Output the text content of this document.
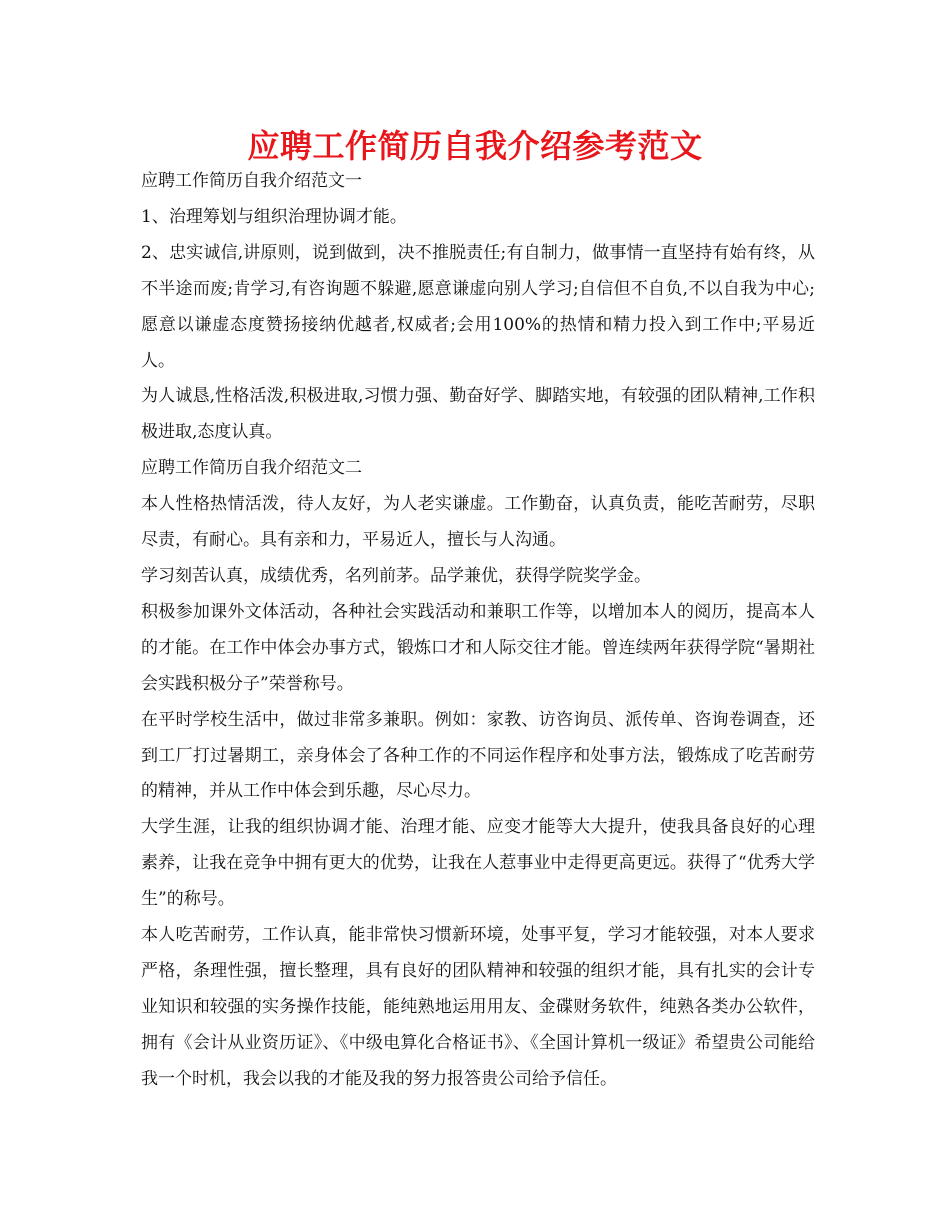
应聘工作简历自我介绍参考范文

应聘工作简历自我介绍范文一

1、治理筹划与组织治理协调才能。

2、忠实诚信,讲原则，说到做到，决不推脱责任;有自制力，做事情一直坚持有始有终，从不半途而废;肯学习,有咨询题不躲避,愿意谦虚向别人学习;自信但不自负,不以自我为中心;愿意以谦虚态度赞扬接纳优越者,权威者;会用100%的热情和精力投入到工作中;平易近人。

为人诚恳,性格活泼,积极进取,习惯力强、勤奋好学、脚踏实地，有较强的团队精神,工作积极进取,态度认真。

应聘工作简历自我介绍范文二

本人性格热情活泼，待人友好，为人老实谦虚。工作勤奋，认真负责，能吃苦耐劳，尽职尽责，有耐心。具有亲和力，平易近人，擅长与人沟通。

学习刻苦认真，成绩优秀，名列前茅。品学兼优，获得学院奖学金。

积极参加课外文体活动，各种社会实践活动和兼职工作等，以增加本人的阅历，提高本人的才能。在工作中体会办事方式，锻炼口才和人际交往才能。曾连续两年获得学院“暑期社会实践积极分子”荣誉称号。

在平时学校生活中，做过非常多兼职。例如：家教、访咨询员、派传单、咨询卷调查，还到工厂打过暑期工，亲身体会了各种工作的不同运作程序和处事方法，锻炼成了吃苦耐劳的精神，并从工作中体会到乐趣，尽心尽力。

大学生涯，让我的组织协调才能、治理才能、应变才能等大大提升，使我具备良好的心理素养，让我在竞争中拥有更大的优势，让我在人惹事业中走得更高更远。获得了“优秀大学生”的称号。

本人吃苦耐劳，工作认真，能非常快习惯新环境，处事平复，学习才能较强，对本人要求严格，条理性强，擅长整理，具有良好的团队精神和较强的组织才能，具有扎实的会计专业知识和较强的实务操作技能，能纯熟地运用用友、金碟财务软件，纯熟各类办公软件，拥有《会计从业资历证》、《中级电算化合格证书》、《全国计算机一级证》希望贵公司能给我一个时机，我会以我的才能及我的努力报答贵公司给予信任。
